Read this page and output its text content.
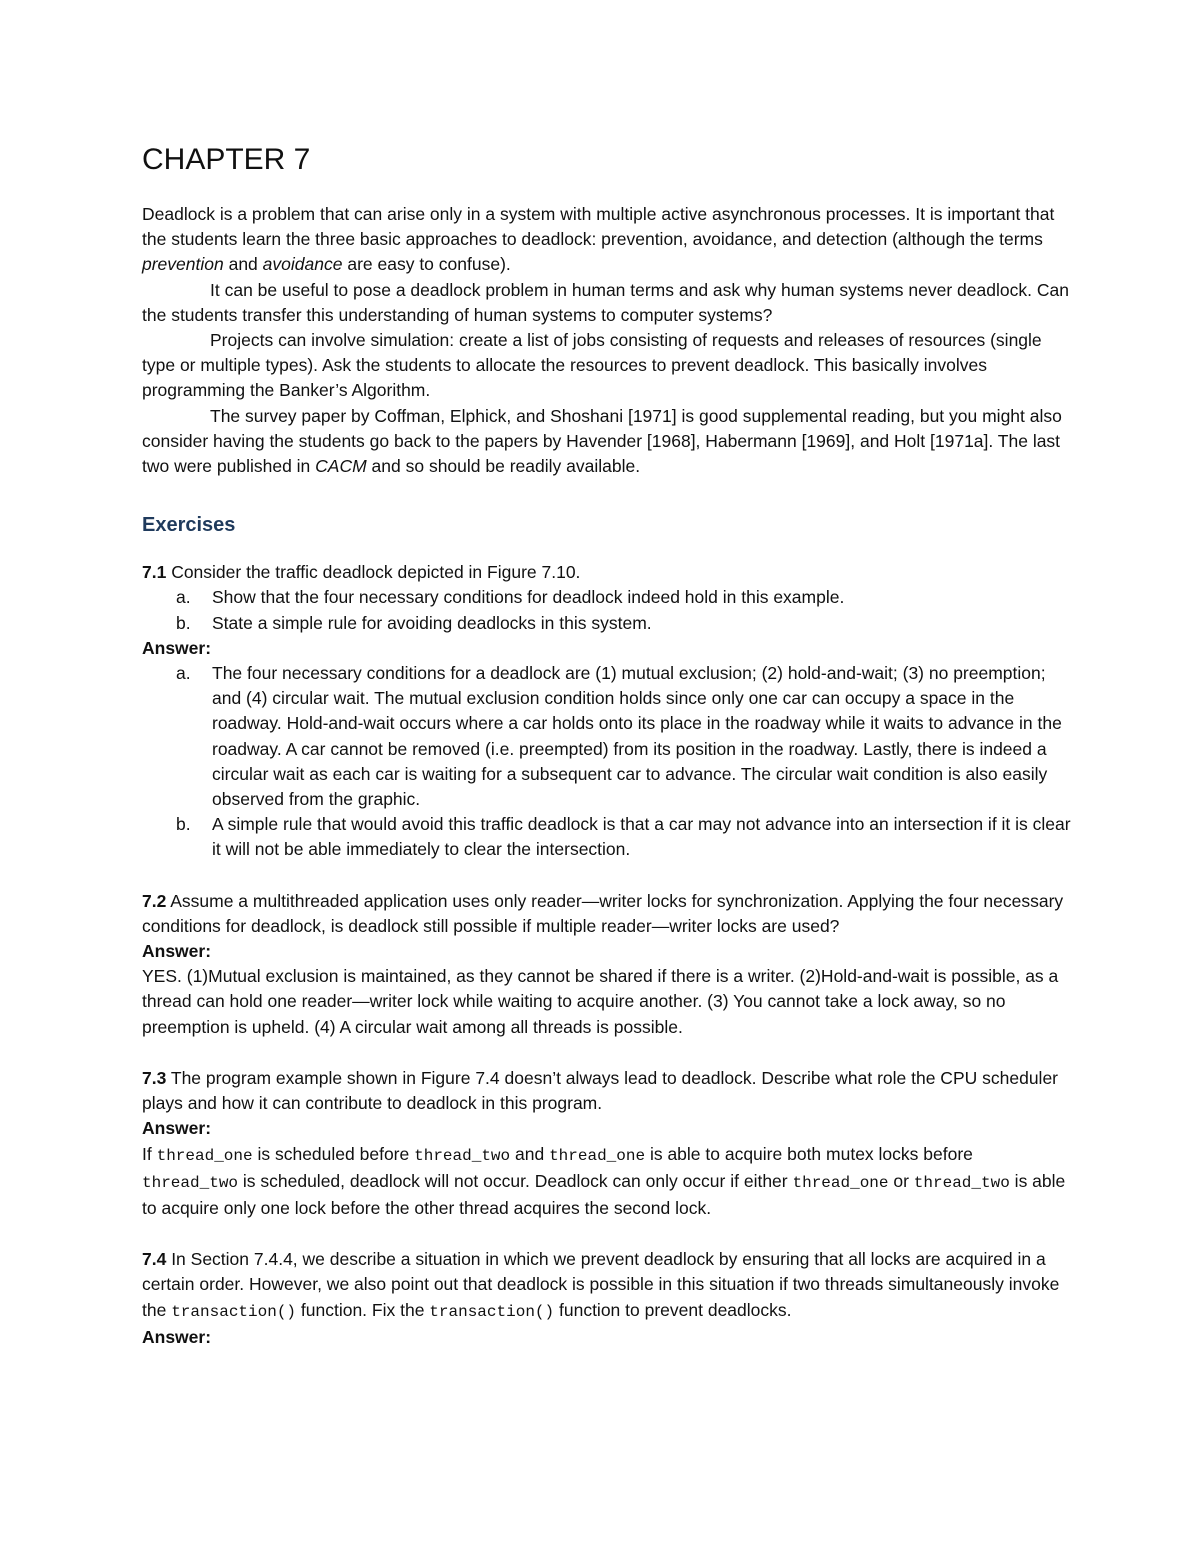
CHAPTER 7

Deadlock is a problem that can arise only in a system with multiple active asynchronous processes. It is important that the students learn the three basic approaches to deadlock: prevention, avoidance, and detection (although the terms prevention and avoidance are easy to confuse).

It can be useful to pose a deadlock problem in human terms and ask why human systems never deadlock. Can the students transfer this understanding of human systems to computer systems?

Projects can involve simulation: create a list of jobs consisting of requests and releases of resources (single type or multiple types). Ask the students to allocate the resources to prevent deadlock. This basically involves programming the Banker’s Algorithm.

The survey paper by Coffman, Elphick, and Shoshani [1971] is good supplemental reading, but you might also consider having the students go back to the papers by Havender [1968], Habermann [1969], and Holt [1971a]. The last two were published in CACM and so should be readily available.

Exercises

7.1 Consider the traffic deadlock depicted in Figure 7.10.

a. Show that the four necessary conditions for deadlock indeed hold in this example.
b. State a simple rule for avoiding deadlocks in this system.

Answer:

a. The four necessary conditions for a deadlock are (1) mutual exclusion; (2) hold-and-wait; (3) no preemption; and (4) circular wait. The mutual exclusion condition holds since only one car can occupy a space in the roadway. Hold-and-wait occurs where a car holds onto its place in the roadway while it waits to advance in the roadway. A car cannot be removed (i.e. preempted) from its position in the roadway. Lastly, there is indeed a circular wait as each car is waiting for a subsequent car to advance. The circular wait condition is also easily observed from the graphic.
b. A simple rule that would avoid this traffic deadlock is that a car may not advance into an intersection if it is clear it will not be able immediately to clear the intersection.

7.2 Assume a multithreaded application uses only reader—writer locks for synchronization. Applying the four necessary conditions for deadlock, is deadlock still possible if multiple reader—writer locks are used?

Answer:

YES. (1)Mutual exclusion is maintained, as they cannot be shared if there is a writer. (2)Hold-and-wait is possible, as a thread can hold one reader—writer lock while waiting to acquire another. (3) You cannot take a lock away, so no preemption is upheld. (4) A circular wait among all threads is possible.

7.3 The program example shown in Figure 7.4 doesn’t always lead to deadlock. Describe what role the CPU scheduler plays and how it can contribute to deadlock in this program.

Answer:

If thread_one is scheduled before thread_two and thread_one is able to acquire both mutex locks before thread_two is scheduled, deadlock will not occur. Deadlock can only occur if either thread_one or thread_two is able to acquire only one lock before the other thread acquires the second lock.

7.4 In Section 7.4.4, we describe a situation in which we prevent deadlock by ensuring that all locks are acquired in a certain order. However, we also point out that deadlock is possible in this situation if two threads simultaneously invoke the transaction() function. Fix the transaction() function to prevent deadlocks.

Answer:
